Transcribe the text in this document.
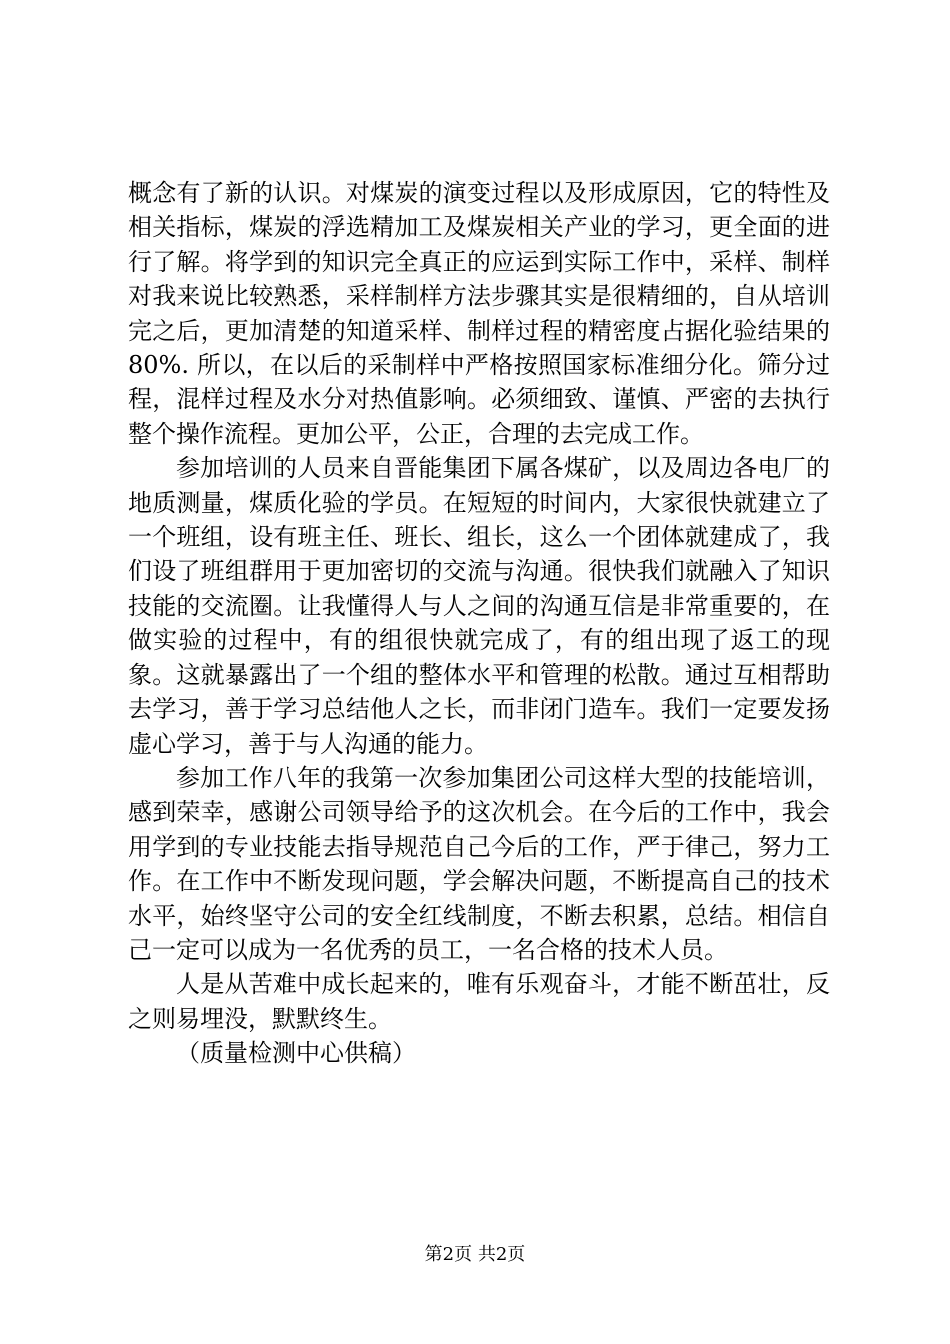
概念有了新的认识。对煤炭的演变过程以及形成原因，它的特性及相关指标，煤炭的浮选精加工及煤炭相关产业的学习，更全面的进行了解。将学到的知识完全真正的应运到实际工作中，采样、制样对我来说比较熟悉，采样制样方法步骤其实是很精细的，自从培训完之后，更加清楚的知道采样、制样过程的精密度占据化验结果的80%. 所以，在以后的采制样中严格按照国家标准细分化。筛分过程，混样过程及水分对热值影响。必须细致、谨慎、严密的去执行整个操作流程。更加公平，公正，合理的去完成工作。

参加培训的人员来自晋能集团下属各煤矿，以及周边各电厂的地质测量，煤质化验的学员。在短短的时间内，大家很快就建立了一个班组，设有班主任、班长、组长，这么一个团体就建成了，我们设了班组群用于更加密切的交流与沟通。很快我们就融入了知识技能的交流圈。让我懂得人与人之间的沟通互信是非常重要的，在做实验的过程中，有的组很快就完成了，有的组出现了返工的现象。这就暴露出了一个组的整体水平和管理的松散。通过互相帮助去学习，善于学习总结他人之长，而非闭门造车。我们一定要发扬虚心学习，善于与人沟通的能力。

参加工作八年的我第一次参加集团公司这样大型的技能培训，感到荣幸，感谢公司领导给予的这次机会。在今后的工作中，我会用学到的专业技能去指导规范自己今后的工作，严于律己，努力工作。在工作中不断发现问题，学会解决问题，不断提高自己的技术水平，始终坚守公司的安全红线制度，不断去积累，总结。相信自己一定可以成为一名优秀的员工，一名合格的技术人员。

人是从苦难中成长起来的，唯有乐观奋斗，才能不断茁壮，反之则易埋没，默默终生。

（质量检测中心供稿）

第2页 共2页
